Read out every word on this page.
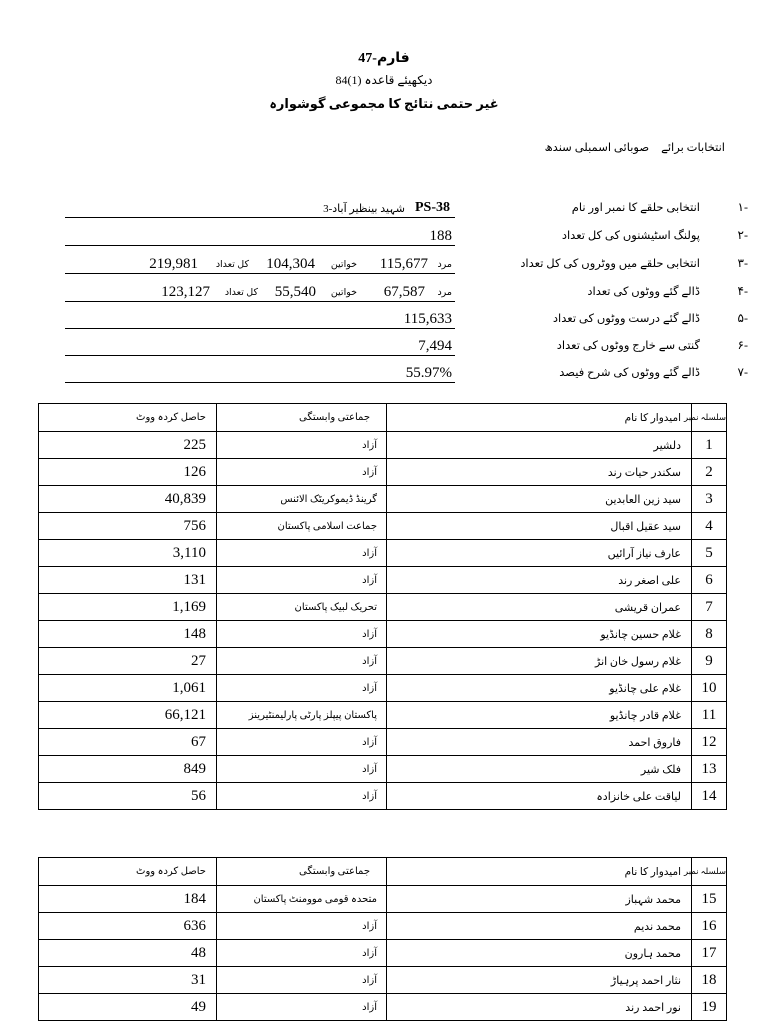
فارم-47
دیکھیئے قاعدہ84(1)
غیر حتمی نتائج کا مجموعی گوشوارہ
انتخابات برائےصوبائی اسمبلی سندھ
۱-
انتخابی حلقے کا نمبر اور نام
PS-38
شہید بینظیر آباد-3
۲-
پولنگ اسٹیشنوں کی کل تعداد
188
۳-
انتخابی حلقے میں ووٹروں کی کل تعداد
مرد
115,677
خواتین
104,304
کل تعداد
219,981
۴-
ڈالے گئے ووٹوں کی تعداد
مرد
67,587
خواتین
55,540
کل تعداد
123,127
۵-
ڈالے گئے درست ووٹوں کی تعداد
115,633
۶-
گنتی سے خارج ووٹوں کی تعداد
7,494
۷-
ڈالے گئے ووٹوں کی شرح فیصد
55.97%
سلسلہ نمبر	امیدوار کا نام	جماعتی وابستگی	حاصل کردہ ووٹ
1	دلشیر	آزاد	225
2	سکندر حیات رند	آزاد	126
3	سید زین العابدین	گرینڈ ڈیموکریٹک الائنس	40,839
4	سید عقیل اقبال	جماعت اسلامی پاکستان	756
5	عارف نیاز آرائیں	آزاد	3,110
6	علی اصغر رند	آزاد	131
7	عمران قریشی	تحریک لبیک پاکستان	1,169
8	غلام حسین چانڈیو	آزاد	148
9	غلام رسول خان انڑ	آزاد	27
10	غلام علی چانڈیو	آزاد	1,061
11	غلام قادر چانڈیو	پاکستان پیپلز پارٹی پارلیمنٹیرینز	66,121
12	فاروق احمد	آزاد	67
13	فلک شیر	آزاد	849
14	لیاقت علی خانزادہ	آزاد	56
سلسلہ نمبر	امیدوار کا نام	جماعتی وابستگی	حاصل کردہ ووٹ
15	محمد شہباز	متحدہ قومی موومنٹ پاکستان	184
16	محمد ندیم	آزاد	636
17	محمد ہارون	آزاد	48
18	نثار احمد پرہیاڑ	آزاد	31
19	نور احمد رند	آزاد	49
